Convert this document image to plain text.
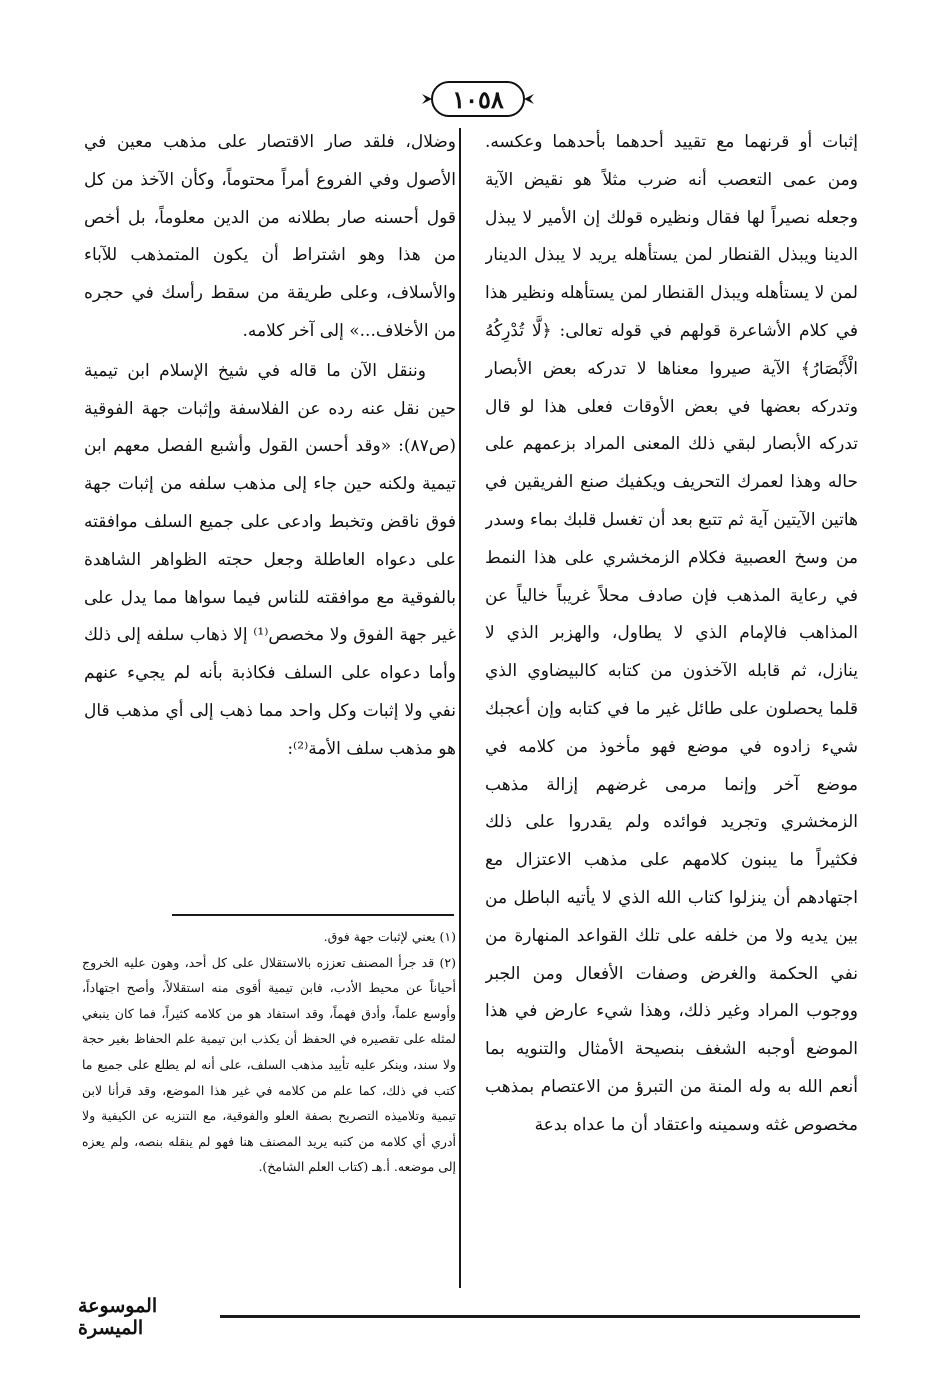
١٠٥٨

إثبات أو قرنهما مع تقييد أحدهما بأحدهما وعكسه. ومن عمى التعصب أنه ضرب مثلاً هو نقيض الآية وجعله نصيراً لها فقال ونظيره قولك إن الأمير لا يبذل الدينا ويبذل القنطار لمن يستأهله يريد لا يبذل الدينار لمن لا يستأهله ويبذل القنطار لمن يستأهله ونظير هذا في كلام الأشاعرة قولهم في قوله تعالى: ﴿لَّا تُدْرِكُهُ الْأَبْصَارُ﴾ الآية صيروا معناها لا تدركه بعض الأبصار وتدركه بعضها في بعض الأوقات فعلى هذا لو قال تدركه الأبصار لبقي ذلك المعنى المراد بزعمهم على حاله وهذا لعمرك التحريف ويكفيك صنع الفريقين في هاتين الآيتين آية ثم تتبع بعد أن تغسل قلبك بماء وسدر من وسخ العصبية فكلام الزمخشري على هذا النمط في رعاية المذهب فإن صادف محلاً غريباً خالياً عن المذاهب فالإمام الذي لا يطاول، والهزبر الذي لا ينازل، ثم قابله الآخذون من كتابه كالبيضاوي الذي قلما يحصلون على طائل غير ما في كتابه وإن أعجبك شيء زادوه في موضع فهو مأخوذ من كلامه في موضع آخر وإنما مرمى غرضهم إزالة مذهب الزمخشري وتجريد فوائده ولم يقدروا على ذلك فكثيراً ما يبنون كلامهم على مذهب الاعتزال مع اجتهادهم أن ينزلوا كتاب الله الذي لا يأتيه الباطل من بين يديه ولا من خلفه على تلك القواعد المنهارة من نفي الحكمة والغرض وصفات الأفعال ومن الجبر ووجوب المراد وغير ذلك، وهذا شيء عارض في هذا الموضع أوجبه الشغف بنصيحة الأمثال والتنويه بما أنعم الله به وله المنة من التبرؤ من الاعتصام بمذهب مخصوص غثه وسمينه واعتقاد أن ما عداه بدعة

وضلال، فلقد صار الاقتصار على مذهب معين في الأصول وفي الفروع أمراً محتوماً، وكأن الآخذ من كل قول أحسنه صار بطلانه من الدين معلوماً، بل أخص من هذا وهو اشتراط أن يكون المتمذهب للآباء والأسلاف، وعلى طريقة من سقط رأسك في حجره من الأخلاف...» إلى آخر كلامه.

وننقل الآن ما قاله في شيخ الإسلام ابن تيمية حين نقل عنه رده عن الفلاسفة وإثبات جهة الفوقية (ص٨٧): «وقد أحسن القول وأشبع الفصل معهم ابن تيمية ولكنه حين جاء إلى مذهب سلفه من إثبات جهة فوق ناقض وتخبط وادعى على جميع السلف موافقته على دعواه العاطلة وجعل حجته الظواهر الشاهدة بالفوقية مع موافقته للناس فيما سواها مما يدل على غير جهة الفوق ولا مخصص⁽¹⁾ إلا ذهاب سلفه إلى ذلك وأما دعواه على السلف فكاذبة بأنه لم يجيء عنهم نفي ولا إثبات وكل واحد مما ذهب إلى أي مذهب قال هو مذهب سلف الأمة⁽²⁾:

(١) يعني لإثبات جهة فوق.

(٢) قد جرأ المصنف تعززه بالاستقلال على كل أحد، وهون عليه الخروج أحياناً عن محيط الأدب، فابن تيمية أقوى منه استقلالاً، وأصح اجتهاداً، وأوسع علماً، وأدق فهماً، وقد استفاد هو من كلامه كثيراً، فما كان ينبغي لمثله على تقصيره في الحفظ أن يكذب ابن تيمية علم الحفاظ بغير حجة ولا سند، وينكر عليه تأييد مذهب السلف، على أنه لم يطلع على جميع ما كتب في ذلك، كما علم من كلامه في غير هذا الموضع، وقد قرأنا لابن تيمية وتلاميذه التصريح بصفة العلو والفوقية، مع التنزيه عن الكيفية ولا أدري أي كلامه من كتبه يريد المصنف هنا فهو لم ينقله بنصه، ولم يعزه إلى موضعه. أ.هـ (كتاب العلم الشامخ).

الموسوعة الميسرة
